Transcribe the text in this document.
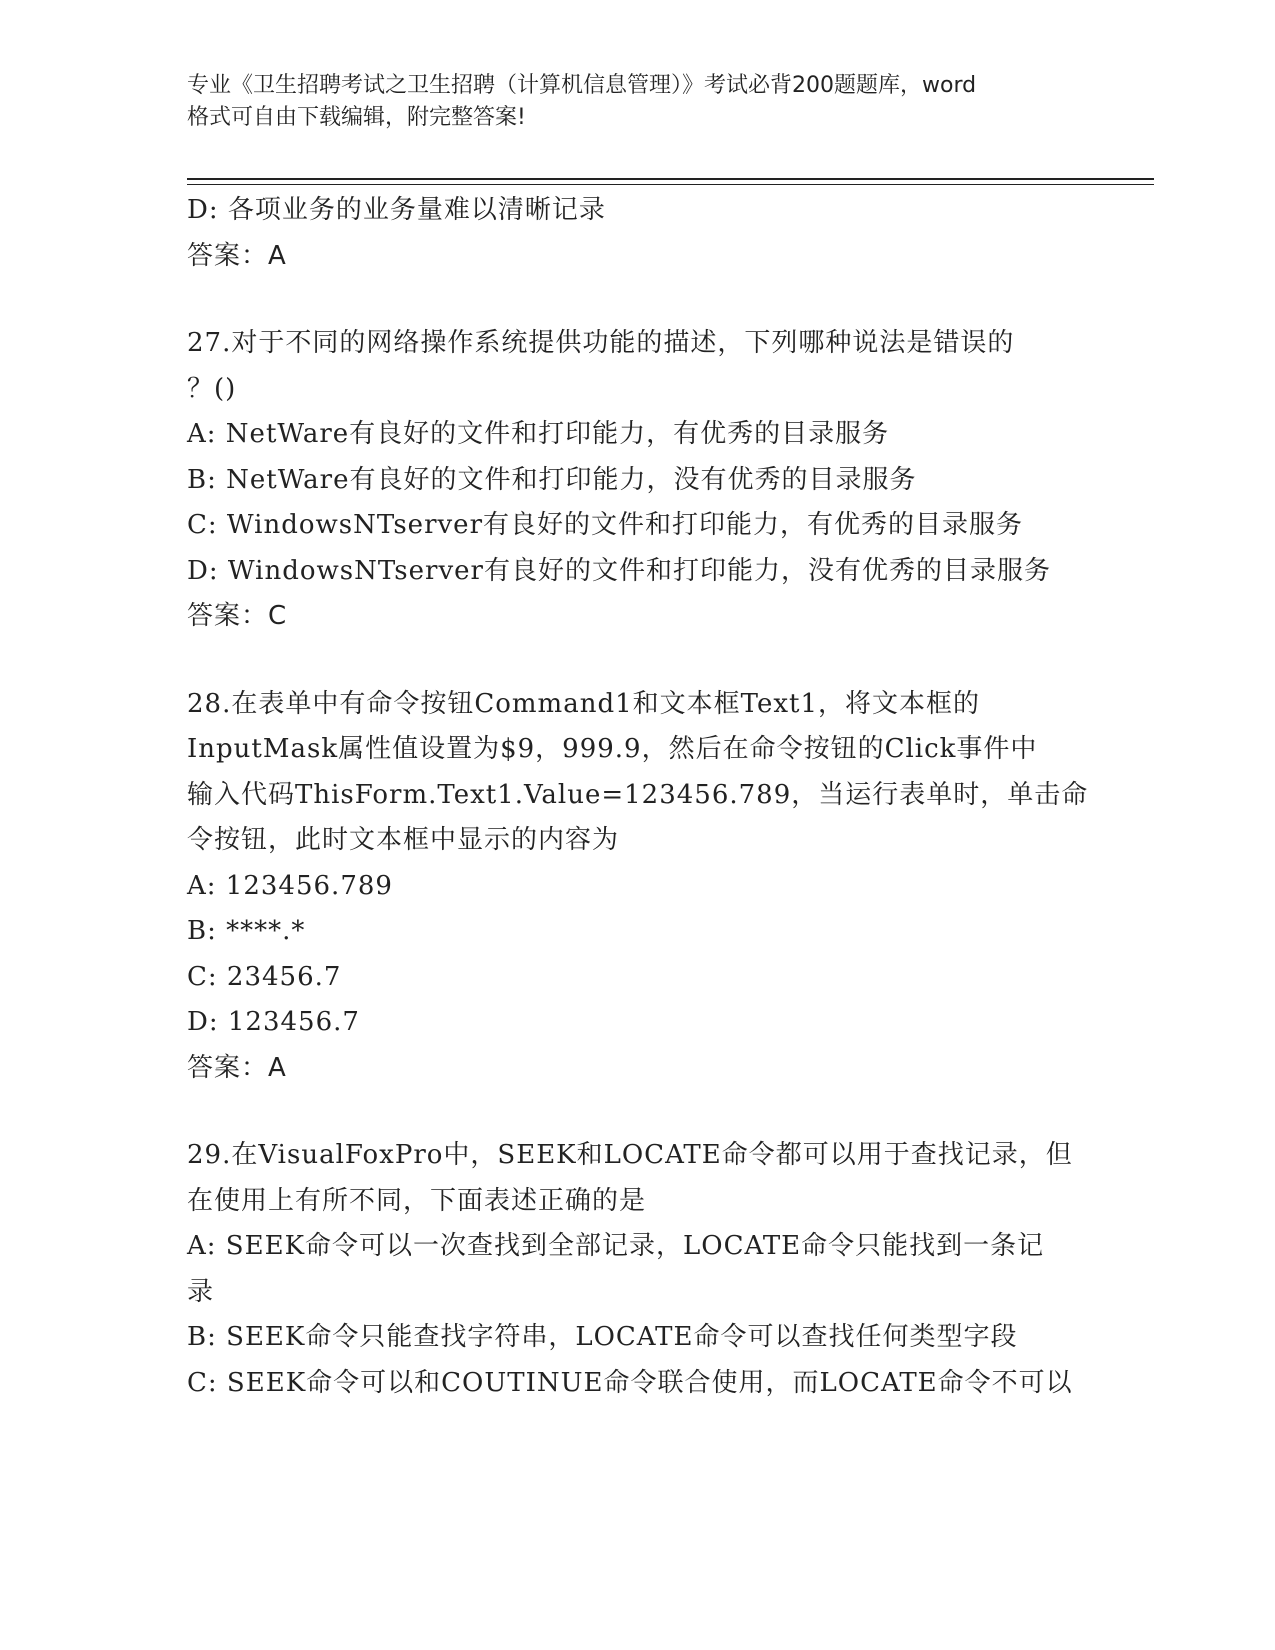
专业《卫生招聘考试之卫生招聘（计算机信息管理）》考试必背200题题库，word
格式可自由下载编辑，附完整答案!
D: 各项业务的业务量难以清晰记录
答案：A
27.对于不同的网络操作系统提供功能的描述，下列哪种说法是错误的
？()
A: NetWare有良好的文件和打印能力，有优秀的目录服务
B: NetWare有良好的文件和打印能力，没有优秀的目录服务
C: WindowsNTserver有良好的文件和打印能力，有优秀的目录服务
D: WindowsNTserver有良好的文件和打印能力，没有优秀的目录服务
答案：C
28.在表单中有命令按钮Command1和文本框Text1，将文本框的
InputMask属性值设置为$9，999.9，然后在命令按钮的Click事件中
输入代码ThisForm.Text1.Value=123456.789，当运行表单时，单击命
令按钮，此时文本框中显示的内容为
A: 123456.789
B: ****.*
C: 23456.7
D: 123456.7
答案：A
29.在VisualFoxPro中，SEEK和LOCATE命令都可以用于查找记录，但
在使用上有所不同，下面表述正确的是
A: SEEK命令可以一次查找到全部记录，LOCATE命令只能找到一条记
录
B: SEEK命令只能查找字符串，LOCATE命令可以查找任何类型字段
C: SEEK命令可以和COUTINUE命令联合使用，而LOCATE命令不可以
